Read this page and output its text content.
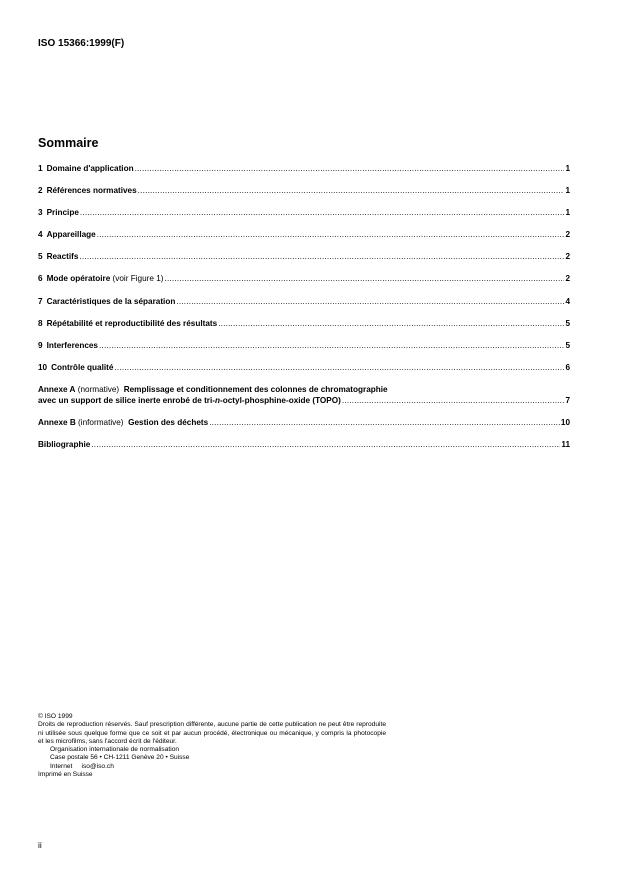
ISO 15366:1999(F)
Sommaire
1 Domaine d'application .....	1
2 Références normatives .....	1
3 Principe .....	1
4 Appareillage .....	2
5 Reactifs .....	2
6 Mode opératoire (voir Figure 1) .....	2
7 Caractéristiques de la séparation .....	4
8 Répétabilité et reproductibilité des résultats .....	5
9 Interferences .....	5
10 Contrôle qualité .....	6
Annexe A (normative) Remplissage et conditionnement des colonnes de chromatographie
avec un support de silice inerte enrobé de tri-n-octyl-phosphine-oxide (TOPO) .....	7
Annexe B (informative) Gestion des déchets .....	10
Bibliographie .....	11

© ISO 1999

Droits de reproduction réservés. Sauf prescription différente, aucune partie de cette publication ne peut être reproduite ni utilisée sous quelque forme que ce soit et par aucun procédé, électronique ou mécanique, y compris la photocopie et les microfilms, sans l'accord écrit de l'éditeur.

Organisation internationale de normalisation

Case postale 56 • CH-1211 Genève 20 • Suisse

Internet     iso@iso.ch

Imprimé en Suisse

ii
